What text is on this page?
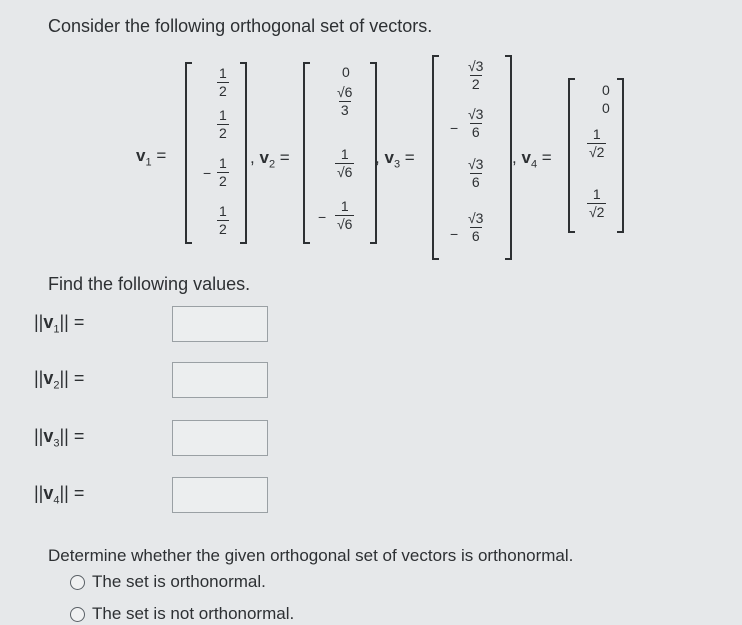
Consider the following orthogonal set of vectors.
$v_1$ =
$\frac{1}{2}$
$\frac{1}{2}$
− $\frac{1}{2}$
$\frac{1}{2}$
, $v_2$ =
0
$\frac{√6}{3}$
$\frac{1}{√6}$
− $\frac{1}{√6}$
, $v_3$ =
−
$\frac{√3}{2}$
$\frac{√3}{6}$
$\frac{√3}{6}$
− $\frac{√3}{6}$
, $v_4$ =
0
0
$\frac{1}{√2}$
$\frac{1}{√2}$
Find the following values.
$||v_1||$ =
$||v_2||$ =
$||v_3||$ =
$||v_4||$ =
Determine whether the given orthogonal set of vectors is orthonormal.
The set is orthonormal.
The set is not orthonormal.
